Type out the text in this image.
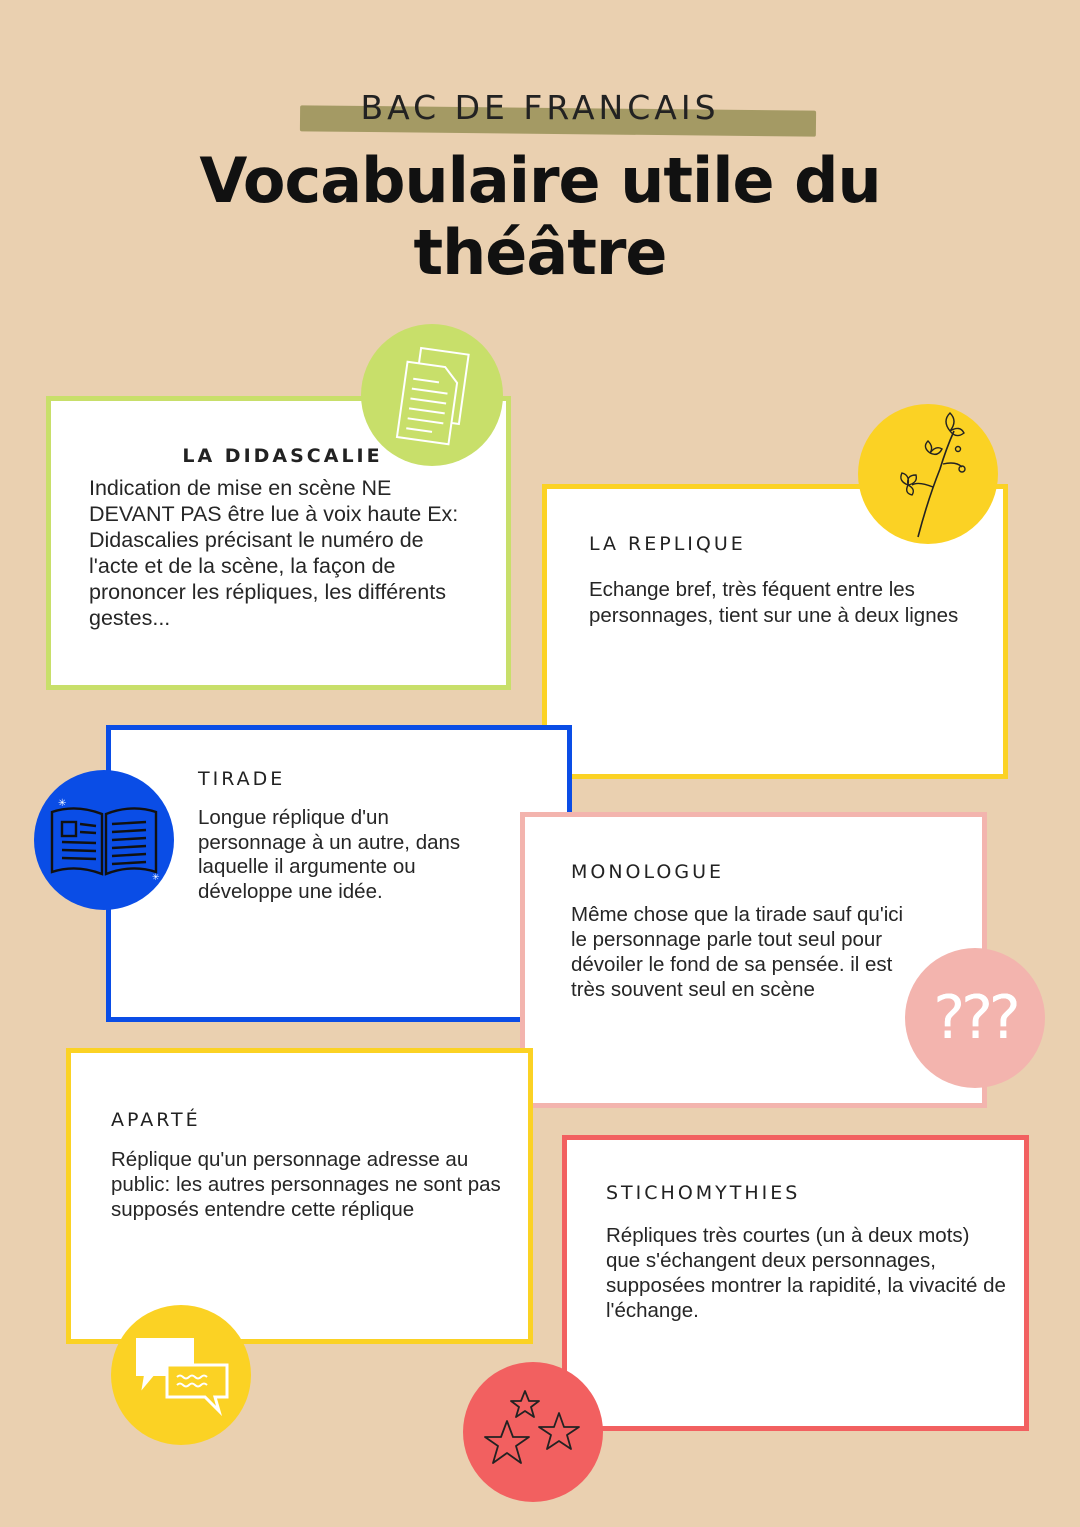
BAC DE FRANCAIS
Vocabulaire utile du
théâtre
LA DIDASCALIE

Indication de mise en scène NE DEVANT PAS être lue à voix haute Ex: Didascalies précisant le numéro de l'acte et de la scène, la façon de prononcer les répliques, les différents gestes...

LA REPLIQUE

Echange bref, très féquent entre les personnages, tient sur une à deux lignes

TIRADE

Longue réplique d'un personnage à un autre, dans laquelle il argumente ou développe une idée.

✳
✳	MONOLOGUE

Même chose que la tirade sauf qu'ici le personnage parle tout seul pour dévoiler le fond de sa pensée. il est très souvent seul en scène	???
APARTÉ

Réplique qu'un personnage adresse au public: les autres personnages ne sont pas supposés entendre cette réplique

STICHOMYTHIES

Répliques très courtes (un à deux mots) que s'échangent deux personnages, supposées montrer la rapidité, la vivacité de l'échange.
